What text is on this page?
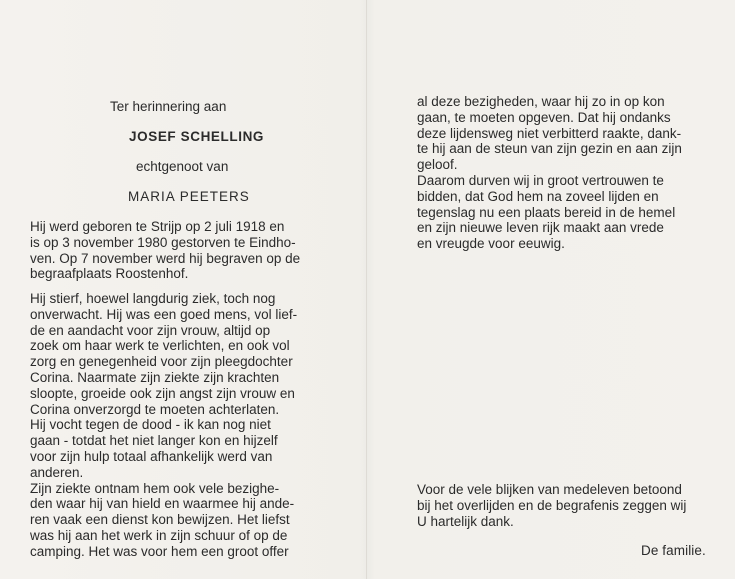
Ter herinnering aan
JOSEF SCHELLING
echtgenoot van
MARIA PEETERS
Hij werd geboren te Strijp op 2 juli 1918 en
is op 3 november 1980 gestorven te Eindho-
ven. Op 7 november werd hij begraven op de
begraafplaats Roostenhof.
Hij stierf, hoewel langdurig ziek, toch nog
onverwacht. Hij was een goed mens, vol lief-
de en aandacht voor zijn vrouw, altijd op
zoek om haar werk te verlichten, en ook vol
zorg en genegenheid voor zijn pleegdochter
Corina. Naarmate zijn ziekte zijn krachten
sloopte, groeide ook zijn angst zijn vrouw en
Corina onverzorgd te moeten achterlaten.
Hij vocht tegen de dood - ik kan nog niet
gaan - totdat het niet langer kon en hijzelf
voor zijn hulp totaal afhankelijk werd van
anderen.
Zijn ziekte ontnam hem ook vele bezighe-
den waar hij van hield en waarmee hij ande-
ren vaak een dienst kon bewijzen. Het liefst
was hij aan het werk in zijn schuur of op de
camping. Het was voor hem een groot offer
al deze bezigheden, waar hij zo in op kon
gaan, te moeten opgeven. Dat hij ondanks
deze lijdensweg niet verbitterd raakte, dank-
te hij aan de steun van zijn gezin en aan zijn
geloof.
Daarom durven wij in groot vertrouwen te
bidden, dat God hem na zoveel lijden en
tegenslag nu een plaats bereid in de hemel
en zijn nieuwe leven rijk maakt aan vrede
en vreugde voor eeuwig.
Voor de vele blijken van medeleven betoond
bij het overlijden en de begrafenis zeggen wij
U hartelijk dank.
De familie.
